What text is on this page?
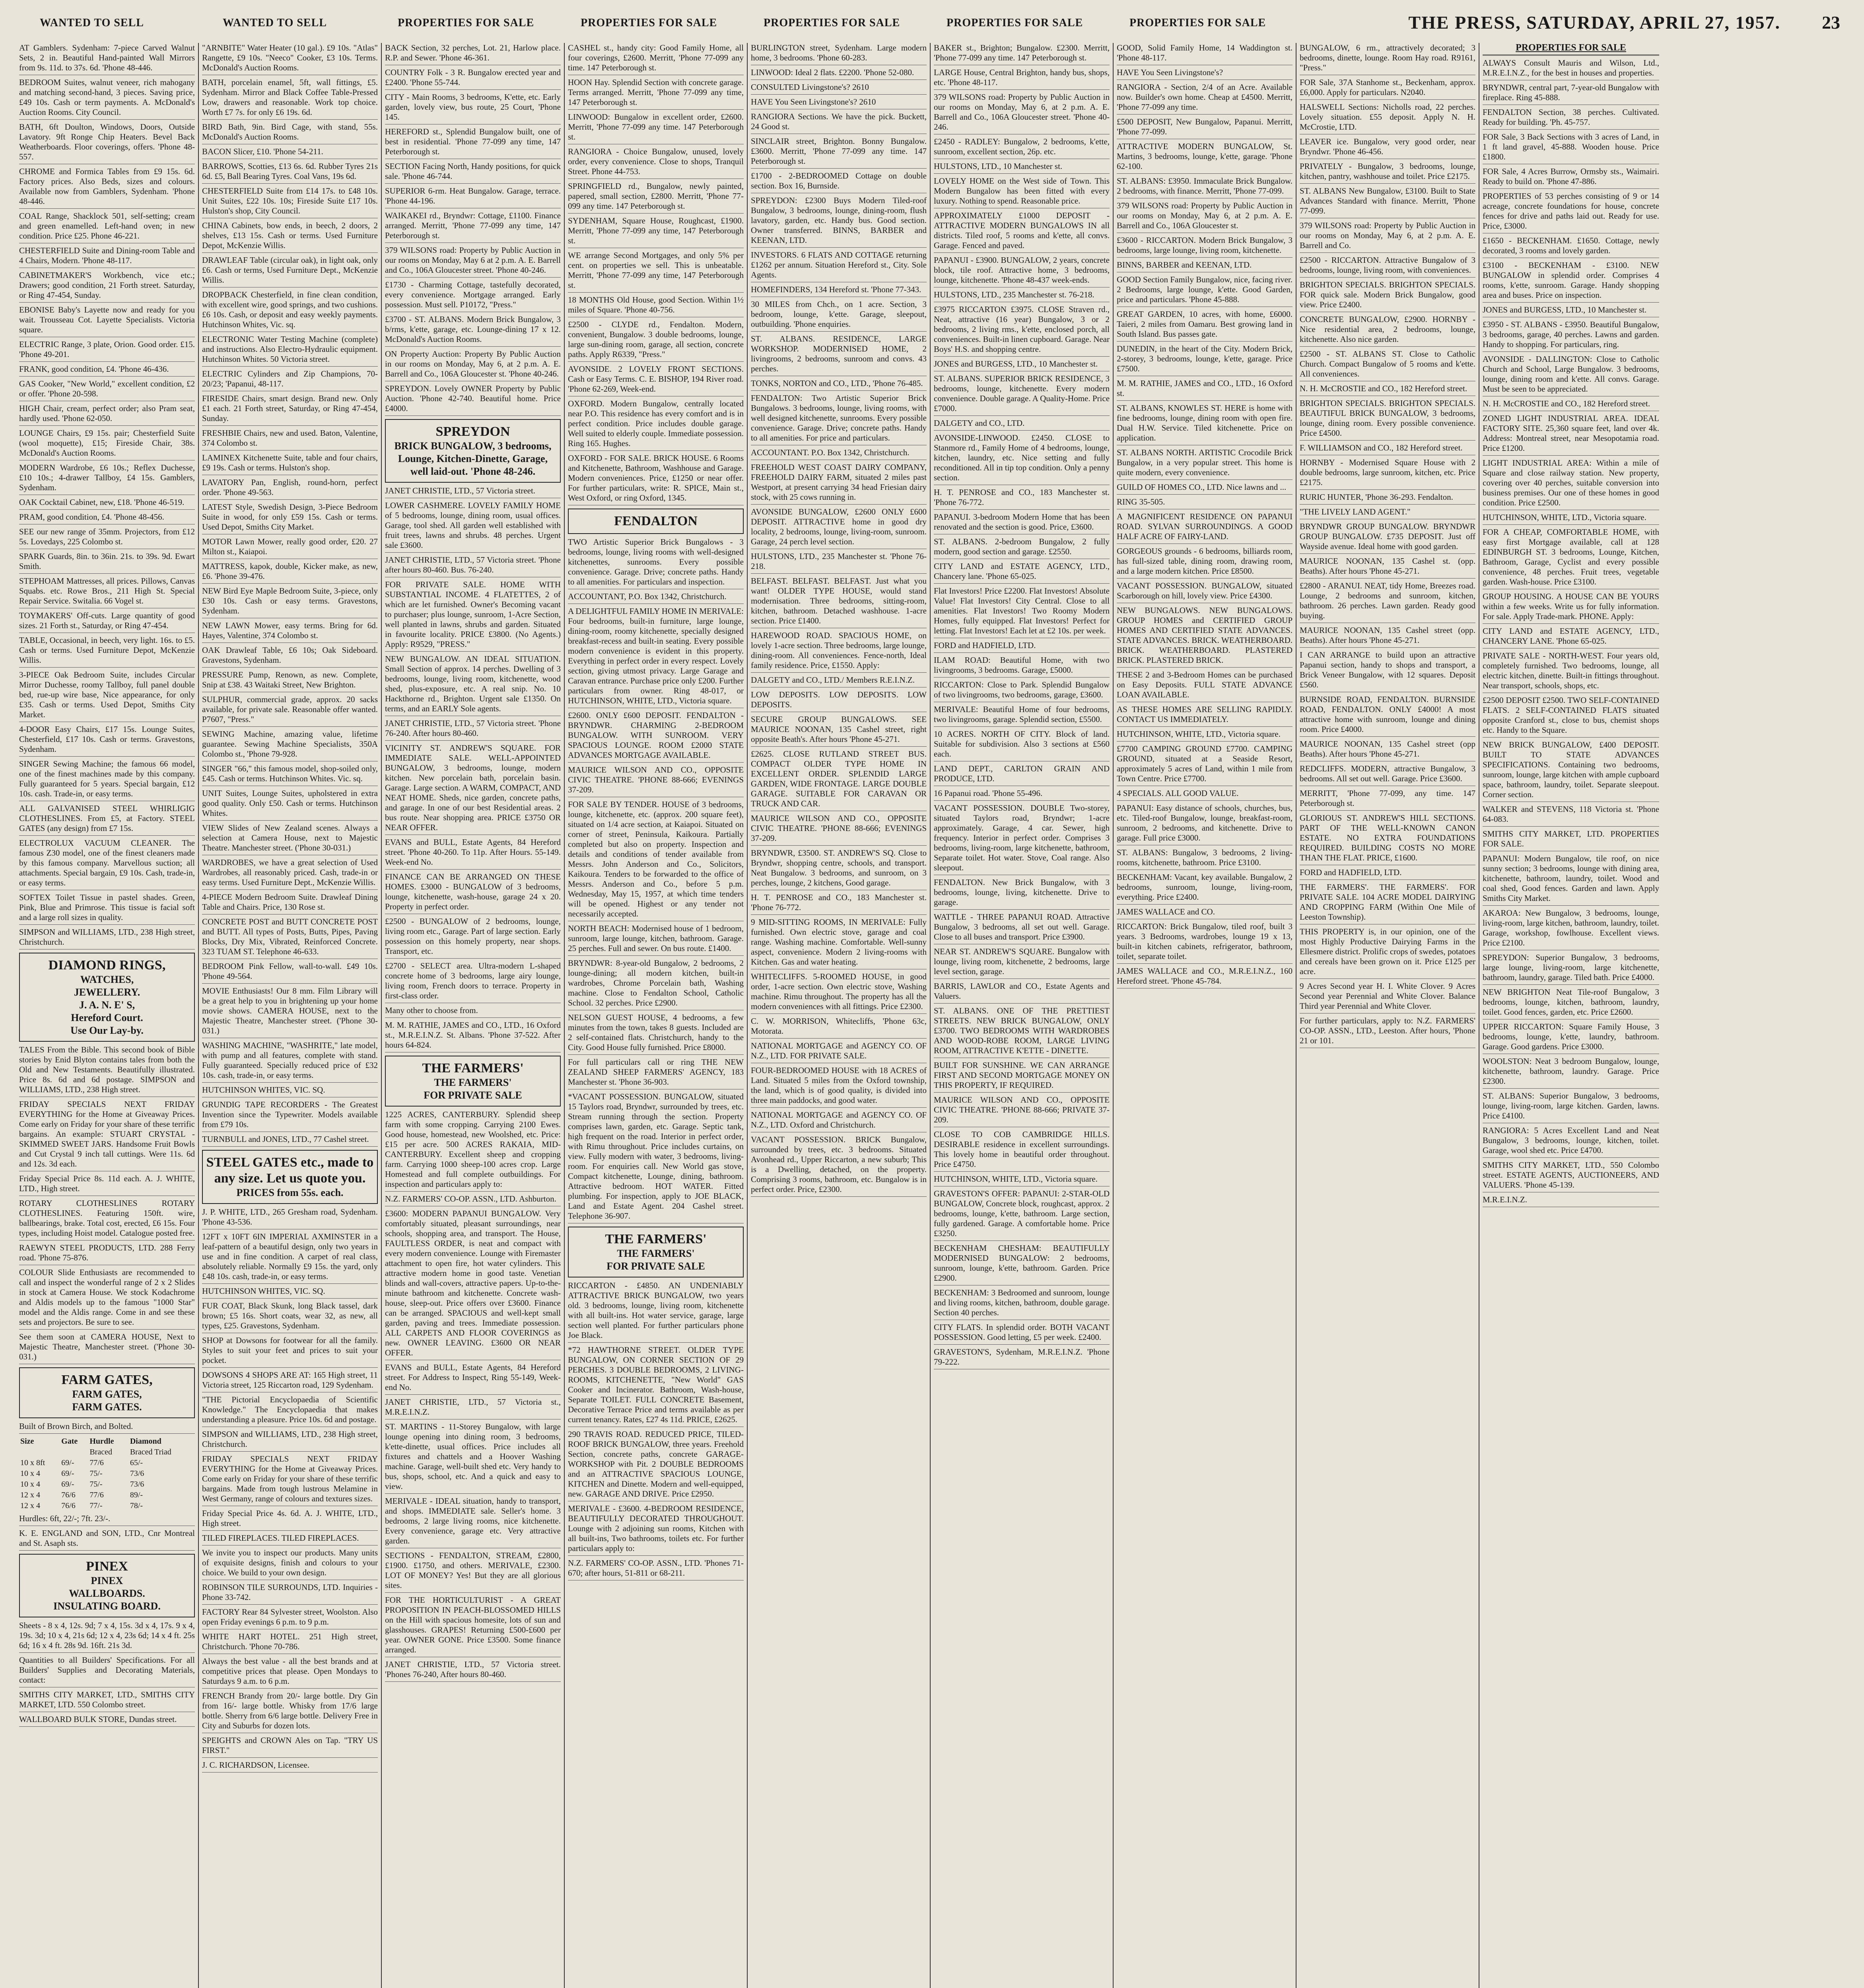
WANTED TO SELL	WANTED TO SELL	PROPERTIES FOR SALE	PROPERTIES FOR SALE	PROPERTIES FOR SALE	PROPERTIES FOR SALE	PROPERTIES FOR SALE	THE PRESS, SATURDAY, APRIL 27, 1957. 23

AT Gamblers. Sydenham: 7-piece Carved Walnut Sets, 2 in. Beautiful Hand-painted Wall Mirrors from 9s. 11d. to 37s. 6d. 'Phone 48-446.

BEDROOM Suites, walnut veneer, rich mahogany and matching second-hand, 3 pieces. Saving price, £49 10s. Cash or term payments. A. McDonald's Auction Rooms. City Council.

BATH, 6ft Doulton, Windows, Doors, Outside Lavatory. 9ft Ronge Chip Heaters. Bevel Back Weatherboards. Floor coverings, offers. 'Phone 48-557.

CHROME and Formica Tables from £9 15s. 6d. Factory prices. Also Beds, sizes and colours. Available now from Gamblers, Sydenham. 'Phone 48-446.

COAL Range, Shacklock 501, self-setting; cream and green enamelled. Left-hand oven; in new condition. Price £25. Phone 46-221.

CHESTERFIELD Suite and Dining-room Table and 4 Chairs, Modern. 'Phone 48-117.

CABINETMAKER'S Workbench, vice etc.; Drawers; good condition, 21 Forth street. Saturday, or Ring 47-454, Sunday.

EBONISE Baby's Layette now and ready for you wait. Trousseau Cot. Layette Specialists. Victoria square.

ELECTRIC Range, 3 plate, Orion. Good order. £15. 'Phone 49-201.

FRANK, good condition, £4. 'Phone 46-436.

GAS Cooker, "New World," excellent condition, £2 or offer. 'Phone 20-598.

HIGH Chair, cream, perfect order; also Pram seat, hardly used. 'Phone 62-050.

LOUNGE Chairs, £9 15s. pair; Chesterfield Suite (wool moquette), £15; Fireside Chair, 38s. McDonald's Auction Rooms.

MODERN Wardrobe, £6 10s.; Reflex Duchesse, £10 10s.; 4-drawer Tallboy, £4 15s. Gamblers, Sydenham.

OAK Cocktail Cabinet, new, £18. 'Phone 46-519.

PRAM, good condition, £4. 'Phone 48-456.

SEE our new range of 35mm. Projectors, from £12 5s. Lovedays, 225 Colombo st.

SPARK Guards, 8in. to 36in. 21s. to 39s. 9d. Ewart Smith.

STEPHOAM Mattresses, all prices. Pillows, Canvas Squabs. etc. Rowe Bros., 211 High St. Special Repair Service. Switalia. 66 Vogel st.

TOYMAKERS' Off-cuts. Large quantity of good sizes. 21 Forth st., Saturday, or Ring 47-454.

TABLE, Occasional, in beech, very light. 16s. to £5. Cash or terms. Used Furniture Depot, McKenzie Willis.

3-PIECE Oak Bedroom Suite, includes Circular Mirror Duchesse, roomy Tallboy, full panel double bed, rue-up wire base, Nice appearance, for only £35. Cash or terms. Used Depot, Smiths City Market.

4-DOOR Easy Chairs, £17 15s. Lounge Suites, Chesterfield, £17 10s. Cash or terms. Gravestons, Sydenham.

SINGER Sewing Machine; the famous 66 model, one of the finest machines made by this company. Fully guaranteed for 5 years. Special bargain, £12 10s. cash. Trade-in, or easy terms.

ALL GALVANISED STEEL WHIRLIGIG CLOTHESLINES. From £5, at Factory. STEEL GATES (any design) from £7 15s.

ELECTROLUX VACUUM CLEANER. The famous Z30 model, one of the finest cleaners made by this famous company. Marvellous suction; all attachments. Special bargain, £9 10s. Cash, trade-in, or easy terms.

SOFTEX Toilet Tissue in pastel shades. Green, Pink, Blue and Primrose. This tissue is facial soft and a large roll sizes in quality.

SIMPSON and WILLIAMS, LTD., 238 High street, Christchurch.

DIAMOND RINGS,
WATCHES,
JEWELLERY.
J. A. N. E' S,
Hereford Court.
Use Our Lay-by.

TALES From the Bible. This second book of Bible stories by Enid Blyton contains tales from both the Old and New Testaments. Beautifully illustrated. Price 8s. 6d and 6d postage. SIMPSON and WILLIAMS, LTD., 238 High street.

FRIDAY SPECIALS NEXT FRIDAY EVERYTHING for the Home at Giveaway Prices. Come early on Friday for your share of these terrific bargains. An example: STUART CRYSTAL - SKIMMED SWEET JARS. Handsome Fruit Bowls and Cut Crystal 9 inch tall cuttings. Were 11s. 6d and 12s. 3d each.

Friday Special Price 8s. 11d each. A. J. WHITE, LTD., High street.

ROTARY CLOTHESLINES ROTARY CLOTHESLINES. Featuring 150ft. wire, ballbearings, brake. Total cost, erected, £6 15s. Four types, including Hoist model. Catalogue posted free.

RAEWYN STEEL PRODUCTS, LTD. 288 Ferry road. 'Phone 75-876.

COLOUR Slide Enthusiasts are recommended to call and inspect the wonderful range of 2 x 2 Slides in stock at Camera House. We stock Kodachrome and Aldis models up to the famous "1000 Star" model and the Aldis range. Come in and see these sets and projectors. Be sure to see.

See them soon at CAMERA HOUSE, Next to Majestic Theatre, Manchester street. ('Phone 30-031.)

FARM GATES,
FARM GATES,
FARM GATES.

Built of Brown Birch, and Bolted.

Size	Gate	Hurdle	Diamond
		Braced	Braced Triad
10 x 8ft	69/-	77/6	65/-
10 x 4	69/-	75/-	73/6
10 x 4	69/-	75/-	73/6
12 x 4	76/6	77/6	89/-
12 x 4	76/6	77/-	78/-

Hurdles: 6ft, 22/-; 7ft. 23/-.

K. E. ENGLAND and SON, LTD., Cnr Montreal and St. Asaph sts.

PINEX
PINEX
WALLBOARDS.
INSULATING BOARD.

Sheets - 8 x 4, 12s. 9d; 7 x 4, 15s. 3d x 4, 17s. 9 x 4, 19s. 3d; 10 x 4, 21s 6d; 12 x 4, 23s 6d; 14 x 4 ft. 25s 6d; 16 x 4 ft. 28s 9d. 16ft. 21s 3d.

Quantities to all Builders' Specifications. For all Builders' Supplies and Decorating Materials, contact:

SMITHS CITY MARKET, LTD., SMITHS CITY MARKET, LTD. 550 Colombo street.

WALLBOARD BULK STORE, Dundas street.

"ARNBITE" Water Heater (10 gal.). £9 10s. "Atlas" Rangette, £9 10s. "Neeco" Cooker, £3 10s. Terms. McDonald's Auction Rooms.

BATH, porcelain enamel, 5ft, wall fittings, £5. Sydenham. Mirror and Black Coffee Table-Pressed Low, drawers and reasonable. Work top choice. Worth £7 7s. for only £6 19s. 6d.

BIRD Bath, 9in. Bird Cage, with stand, 55s. McDonald's Auction Rooms.

BACON Slicer, £10. 'Phone 54-211.

BARROWS, Scotties, £13 6s. 6d. Rubber Tyres 21s 6d. £5, Ball Bearing Tyres. Coal Vans, 19s 6d.

CHESTERFIELD Suite from £14 17s. to £48 10s. Unit Suites, £22 10s. 10s; Fireside Suite £17 10s. Hulston's shop, City Council.

CHINA Cabinets, bow ends, in beech, 2 doors, 2 shelves, £13 15s. Cash or terms. Used Furniture Depot, McKenzie Willis.

DRAWLEAF Table (circular oak), in light oak, only £6. Cash or terms, Used Furniture Dept., McKenzie Willis.

DROPBACK Chesterfield, in fine clean condition, with excellent wire, good springs, and two cushions. £6 10s. Cash, or deposit and easy weekly payments. Hutchinson Whites, Vic. sq.

ELECTRONIC Water Testing Machine (complete) and instructions. Also Electro-Hydraulic equipment. Hutchinson Whites. 50 Victoria street.

ELECTRIC Cylinders and Zip Champions, 70-20/23; 'Papanui, 48-117.

FIRESIDE Chairs, smart design. Brand new. Only £1 each. 21 Forth street, Saturday, or Ring 47-454, Sunday.

FRESHBIE Chairs, new and used. Baton, Valentine, 374 Colombo st.

LAMINEX Kitchenette Suite, table and four chairs, £9 19s. Cash or terms. Hulston's shop.

LAVATORY Pan, English, round-horn, perfect order. 'Phone 49-563.

LATEST Style, Swedish Design, 3-Piece Bedroom Suite in wood, for only £59 15s. Cash or terms. Used Depot, Smiths City Market.

MOTOR Lawn Mower, really good order, £20. 27 Milton st., Kaiapoi.

MATTRESS, kapok, double, Kicker make, as new, £6. 'Phone 39-476.

NEW Bird Eye Maple Bedroom Suite, 3-piece, only £30 10s. Cash or easy terms. Gravestons, Sydenham.

NEW LAWN Mower, easy terms. Bring for 6d. Hayes, Valentine, 374 Colombo st.

OAK Drawleaf Table, £6 10s; Oak Sideboard. Gravestons, Sydenham.

PRESSURE Pump, Renown, as new. Complete, Snip at £38. 43 Waitaki Street, New Brighton.

SULPHUR, commercial grade, approx. 20 sacks available, for private sale. Reasonable offer wanted. P7607, "Press."

SEWING Machine, amazing value, lifetime guarantee. Sewing Machine Specialists, 350A Colombo st., 'Phone 79-928.

SINGER "66," this famous model, shop-soiled only, £45. Cash or terms. Hutchinson Whites. Vic. sq.

UNIT Suites, Lounge Suites, upholstered in extra good quality. Only £50. Cash or terms. Hutchinson Whites.

VIEW Slides of New Zealand scenes. Always a selection at Camera House, next to Majestic Theatre. Manchester street. ('Phone 30-031.)

WARDROBES, we have a great selection of Used Wardrobes, all reasonably priced. Cash, trade-in or easy terms. Used Furniture Dept., McKenzie Willis.

4-PIECE Modern Bedroom Suite. Drawleaf Dining Table and Chairs. Price, 130 Rose st.

CONCRETE POST and BUTT CONCRETE POST and BUTT. All types of Posts, Butts, Pipes, Paving Blocks, Dry Mix, Vibrated, Reinforced Concrete. 323 TUAM ST. Telephone 46-633.

BEDROOM Pink Fellow, wall-to-wall. £49 10s. 'Phone 49-564.

MOVIE Enthusiasts! Our 8 mm. Film Library will be a great help to you in brightening up your home movie shows. CAMERA HOUSE, next to the Majestic Theatre, Manchester street. ('Phone 30-031.)

WASHING MACHINE, "WASHRITE," late model, with pump and all features, complete with stand. Fully guaranteed. Specially reduced price of £32 10s. cash, trade-in, or easy terms.

HUTCHINSON WHITES, VIC. SQ.

GRUNDIG TAPE RECORDERS - The Greatest Invention since the Typewriter. Models available from £79 10s.

TURNBULL and JONES, LTD., 77 Cashel street.

STEEL GATES etc., made to any size. Let us quote you.
PRICES from 55s. each.

J. P. WHITE, LTD., 265 Gresham road, Sydenham. 'Phone 43-536.

12FT x 10FT 6IN IMPERIAL AXMINSTER in a leaf-pattern of a beautiful design, only two years in use and in fine condition. A carpet of real class, absolutely reliable. Normally £9 15s. the yard, only £48 10s. cash, trade-in, or easy terms.

HUTCHINSON WHITES, VIC. SQ.

FUR COAT, Black Skunk, long Black tassel, dark brown; £5 16s. Short coats, wear 32, as new, all types, £25. Gravestons, Sydenham.

SHOP at Dowsons for footwear for all the family. Styles to suit your feet and prices to suit your pocket.

DOWSONS 4 SHOPS ARE AT: 165 High street, 11 Victoria street, 125 Riccarton road, 129 Sydenham.

"THE Pictorial Encyclopaedia of Scientific Knowledge." The Encyclopaedia that makes understanding a pleasure. Price 10s. 6d and postage.

SIMPSON and WILLIAMS, LTD., 238 High street, Christchurch.

FRIDAY SPECIALS NEXT FRIDAY EVERYTHING for the Home at Giveaway Prices. Come early on Friday for your share of these terrific bargains. Made from tough lustrous Melamine in West Germany, range of colours and textures sizes.

Friday Special Price 4s. 6d. A. J. WHITE, LTD., High street.

TILED FIREPLACES. TILED FIREPLACES.

We invite you to inspect our products. Many units of exquisite designs, finish and colours to your choice. We build to your own design.

ROBINSON TILE SURROUNDS, LTD. Inquiries - Phone 33-742.

FACTORY Rear 84 Sylvester street, Woolston. Also open Friday evenings 6 p.m. to 9 p.m.

WHITE HART HOTEL. 251 High street, Christchurch. 'Phone 70-786.

Always the best value - all the best brands and at competitive prices that please. Open Mondays to Saturdays 9 a.m. to 6 p.m.

FRENCH Brandy from 20/- large bottle. Dry Gin from 16/- large bottle. Whisky from 17/6 large bottle. Sherry from 6/6 large bottle. Delivery Free in City and Suburbs for dozen lots.

SPEIGHTS and CROWN Ales on Tap. "TRY US FIRST."

J. C. RICHARDSON, Licensee.

BACK Section, 32 perches, Lot. 21, Harlow place. R.P. and Sewer. 'Phone 46-361.

COUNTRY Folk - 3 R. Bungalow erected year and £2400. 'Phone 55-744.

CITY - Main Rooms, 3 bedrooms, K'ette, etc. Early garden, lovely view, bus route, 25 Court, 'Phone 145.

HEREFORD st., Splendid Bungalow built, one of best in residential. 'Phone 77-099 any time, 147 Peterborough st.

SECTION Facing North, Handy positions, for quick sale. 'Phone 46-744.

SUPERIOR 6-rm. Heat Bungalow. Garage, terrace. 'Phone 44-196.

WAIKAKEI rd., Bryndwr: Cottage, £1100. Finance arranged. Merritt, 'Phone 77-099 any time, 147 Peterborough st.

379 WILSONS road: Property by Public Auction in our rooms on Monday, May 6 at 2 p.m. A. E. Barrell and Co., 106A Gloucester street. 'Phone 40-246.

£1730 - Charming Cottage, tastefully decorated, every convenience. Mortgage arranged. Early possession. Must sell. P10172, "Press."

£3700 - ST. ALBANS. Modern Brick Bungalow, 3 b/rms, k'ette, garage, etc. Lounge-dining 17 x 12. McDonald's Auction Rooms.

ON Property Auction: Property By Public Auction in our rooms on Monday, May 6, at 2 p.m. A. E. Barrell and Co., 106A Gloucester st. 'Phone 40-246.

SPREYDON. Lovely OWNER Property by Public Auction. 'Phone 42-740. Beautiful home. Price £4000.

SPREYDON
BRICK BUNGALOW, 3 bedrooms, Lounge, Kitchen-Dinette, Garage, well laid-out. 'Phone 48-246.

JANET CHRISTIE, LTD., 57 Victoria street.

LOWER CASHMERE. LOVELY FAMILY HOME of 5 bedrooms, lounge, dining room, usual offices. Garage, tool shed. All garden well established with fruit trees, lawns and shrubs. 48 perches. Urgent sale £3600.

JANET CHRISTIE, LTD., 57 Victoria street. 'Phone after hours 80-460. Bus. 76-240.

FOR PRIVATE SALE. HOME WITH SUBSTANTIAL INCOME. 4 FLATETTES, 2 of which are let furnished. Owner's Becoming vacant to purchaser; plus lounge, sunroom, 1-Acre Section, well planted in lawns, shrubs and garden. Situated in favourite locality. PRICE £3800. (No Agents.) Apply: R9529, "PRESS."

NEW BUNGALOW. AN IDEAL SITUATION. Small Section of approx. 14 perches. Dwelling of 3 bedrooms, lounge, living room, kitchenette, wood shed, plus-exposure, etc. A real snip. No. 10 Hackthorne rd., Brighton. Urgent sale £1350. On terms, and an EARLY Sole agents.

JANET CHRISTIE, LTD., 57 Victoria street. 'Phone 76-240. After hours 80-460.

VICINITY ST. ANDREW'S SQUARE. FOR IMMEDIATE SALE. WELL-APPOINTED BUNGALOW, 3 bedrooms, lounge, modern kitchen. New porcelain bath, porcelain basin. Garage. Large section. A WARM, COMPACT, AND NEAT HOME. Sheds, nice garden, concrete paths, and garage. In one of our best Residential areas. 2 bus route. Near shopping area. PRICE £3750 OR NEAR OFFER.

EVANS and BULL, Estate Agents, 84 Hereford street. 'Phone 40-260. To 11p. After Hours. 55-149. Week-end No.

FINANCE CAN BE ARRANGED ON THESE HOMES. £3000 - BUNGALOW of 3 bedrooms, lounge, kitchenette, wash-house, garage 24 x 20. Property in perfect order.

£2500 - BUNGALOW of 2 bedrooms, lounge, living room etc., Garage. Part of large section. Early possession on this homely property, near shops. Transport, etc.

£2700 - SELECT area. Ultra-modern L-shaped concrete home of 3 bedrooms, large airy lounge, living room, French doors to terrace. Property in first-class order.

Many other to choose from.

M. M. RATHIE, JAMES and CO., LTD., 16 Oxford st., M.R.E.I.N.Z. St. Albans. 'Phone 37-522. After hours 64-824.

THE FARMERS'
THE FARMERS'
FOR PRIVATE SALE

1225 ACRES, CANTERBURY. Splendid sheep farm with some cropping. Carrying 2100 Ewes. Good house, homestead, new Woolshed, etc. Price: £15 per acre. 500 ACRES RAKAIA, MID-CANTERBURY. Excellent sheep and cropping farm. Carrying 1000 sheep-100 acres crop. Large Homestead and full complete outbuildings. For inspection and particulars apply to:

N.Z. FARMERS' CO-OP. ASSN., LTD. Ashburton.

£3600: MODERN PAPANUI BUNGALOW. Very comfortably situated, pleasant surroundings, near schools, shopping area, and transport. The House, FAULTLESS ORDER, is neat and compact with every modern convenience. Lounge with Firemaster attachment to open fire, hot water cylinders. This attractive modern home in good taste. Venetian blinds and wall-covers, attractive papers. Up-to-the-minute bathroom and kitchenette. Concrete wash-house, sleep-out. Price offers over £3600. Finance can be arranged. SPACIOUS and well-kept small garden, paving and trees. Immediate possession. ALL CARPETS AND FLOOR COVERINGS as new. OWNER LEAVING. £3600 OR NEAR OFFER.

EVANS and BULL, Estate Agents, 84 Hereford street. For Address to Inspect, Ring 55-149, Week-end No.

JANET CHRISTIE, LTD., 57 Victoria st., M.R.E.I.N.Z.

ST. MARTINS - 11-Storey Bungalow, with large lounge opening into dining room, 3 bedrooms, k'ette-dinette, usual offices. Price includes all fixtures and chattels and a Hoover Washing machine. Garage, well-built shed etc. Very handy to bus, shops, school, etc. And a quick and easy to view.

MERIVALE - IDEAL situation, handy to transport, and shops. IMMEDIATE sale. Seller's home. 3 bedrooms, 2 large living rooms, nice kitchenette. Every convenience, garage etc. Very attractive garden.

SECTIONS - FENDALTON, STREAM, £2800, £1900. £1750, and others. MERIVALE, £2300. LOT OF MONEY? Yes! But they are all glorious sites.

FOR THE HORTICULTURIST - A GREAT PROPOSITION IN PEACH-BLOSSOMED HILLS on the Hill with spacious homesite, lots of sun and glasshouses. GRAPES! Returning £500-£600 per year. OWNER GONE. Price £3500. Some finance arranged.

JANET CHRISTIE, LTD., 57 Victoria street. 'Phones 76-240, After hours 80-460.

CASHEL st., handy city: Good Family Home, all four coverings, £2600. Merritt, 'Phone 77-099 any time. 147 Peterborough st.

HOON Hay. Splendid Section with concrete garage. Terms arranged. Merritt, 'Phone 77-099 any time, 147 Peterborough st.

LINWOOD: Bungalow in excellent order, £2600. Merritt, 'Phone 77-099 any time. 147 Peterborough st.

RANGIORA - Choice Bungalow, unused, lovely order, every convenience. Close to shops, Tranquil Street. Phone 44-753.

SPRINGFIELD rd., Bungalow, newly painted, papered, small section, £2800. Merritt, 'Phone 77-099 any time. 147 Peterborough st.

SYDENHAM, Square House, Roughcast, £1900. Merritt, 'Phone 77-099 any time, 147 Peterborough st.

WE arrange Second Mortgages, and only 5% per cent. on properties we sell. This is unbeatable. Merritt, 'Phone 77-099 any time, 147 Peterborough st.

18 MONTHS Old House, good Section. Within 1½ miles of Square. 'Phone 40-756.

£2500 - CLYDE rd., Fendalton. Modern, convenient, Bungalow. 3 double bedrooms, lounge, large sun-dining room, garage, all section, concrete paths. Apply R6339, "Press."

AVONSIDE. 2 LOVELY FRONT SECTIONS. Cash or Easy Terms. C. E. BISHOP, 194 River road. 'Phone 62-269, Week-end.

OXFORD. Modern Bungalow, centrally located near P.O. This residence has every comfort and is in perfect condition. Price includes double garage. Well suited to elderly couple. Immediate possession. Ring 165. Hughes.

OXFORD - FOR SALE. BRICK HOUSE. 6 Rooms and Kitchenette, Bathroom, Washhouse and Garage. Modern conveniences. Price, £1250 or near offer. For further particulars, write: R. SPICE, Main st., West Oxford, or ring Oxford, 1345.

FENDALTON

TWO Artistic Superior Brick Bungalows - 3 bedrooms, lounge, living rooms with well-designed kitchenettes, sunrooms. Every possible convenience. Garage. Drive; concrete paths. Handy to all amenities. For particulars and inspection.

ACCOUNTANT, P.O. Box 1342, Christchurch.

A DELIGHTFUL FAMILY HOME IN MERIVALE: Four bedrooms, built-in furniture, large lounge, dining-room, roomy kitchenette, specially designed breakfast-recess and built-in seating. Every possible modern convenience is evident in this property. Everything in perfect order in every respect. Lovely section, giving utmost privacy. Large Garage and Caravan entrance. Purchase price only £200. Further particulars from owner. Ring 48-017, or HUTCHINSON, WHITE, LTD., Victoria square.

£2600. ONLY £600 DEPOSIT. FENDALTON - BRYNDWR. CHARMING 2-BEDROOM BUNGALOW. WITH SUNROOM. VERY SPACIOUS LOUNGE. ROOM £2000 STATE ADVANCES MORTGAGE AVAILABLE.

MAURICE WILSON AND CO., OPPOSITE CIVIC THEATRE. 'PHONE 88-666; EVENINGS 37-209.

FOR SALE BY TENDER. HOUSE of 3 bedrooms, lounge, kitchenette, etc. (approx. 200 square feet), situated on 1/4 acre section, at Kaiapoi. Situated on corner of street, Peninsula, Kaikoura. Partially completed but also on property. Inspection and details and conditions of tender available from Messrs. John Anderson and Co., Solicitors, Kaikoura. Tenders to be forwarded to the office of Messrs. Anderson and Co., before 5 p.m. Wednesday, May 15, 1957, at which time tenders will be opened. Highest or any tender not necessarily accepted.

NORTH BEACH: Modernised house of 1 bedroom, sunroom, large lounge, kitchen, bathroom. Garage. 25 perches. Full and sewer. On bus route. £1400.

BRYNDWR: 8-year-old Bungalow, 2 bedrooms, 2 lounge-dining; all modern kitchen, built-in wardrobes, Chrome Porcelain bath, Washing machine. Close to Fendalton School, Catholic School. 32 perches. Price £2900.

NELSON GUEST HOUSE, 4 bedrooms, a few minutes from the town, takes 8 guests. Included are 2 self-contained flats. Christchurch, handy to the City. Good House fully furnished. Price £8000.

For full particulars call or ring THE NEW ZEALAND SHEEP FARMERS' AGENCY, 183 Manchester st. 'Phone 36-903.

*VACANT POSSESSION. BUNGALOW, situated 15 Taylors road, Bryndwr, surrounded by trees, etc. Stream running through the section. Property comprises lawn, garden, etc. Garage. Septic tank, high frequent on the road. Interior in perfect order, with Rimu throughout. Price includes curtains, on view. Fully modern with water, 3 bedrooms, living-room. For enquiries call. New World gas stove, Compact kitchenette, Lounge, dining, bathroom. Attractive bedroom. HOT WATER. Fitted plumbing. For inspection, apply to JOE BLACK, Land and Estate Agent. 204 Cashel street. Telephone 36-907.

THE FARMERS'
THE FARMERS'
FOR PRIVATE SALE

RICCARTON - £4850. AN UNDENIABLY ATTRACTIVE BRICK BUNGALOW, two years old. 3 bedrooms, lounge, living room, kitchenette with all built-ins. Hot water service, garage, large section well planted. For further particulars phone Joe Black.

*72 HAWTHORNE STREET. OLDER TYPE BUNGALOW, ON CORNER SECTION OF 29 PERCHES. 3 DOUBLE BEDROOMS, 2 LIVING-ROOMS, KITCHENETTE, "New World" GAS Cooker and Incinerator. Bathroom, Wash-house, Separate TOILET. FULL CONCRETE Basement, Decorative Terrace Price and terms available as per current tenancy. Rates, £27 4s 11d. PRICE, £2625.

290 TRAVIS ROAD. REDUCED PRICE, TILED-ROOF BRICK BUNGALOW, three years. Freehold Section, concrete paths, concrete GARAGE-WORKSHOP with Pit. 2 DOUBLE BEDROOMS and an ATTRACTIVE SPACIOUS LOUNGE, KITCHEN and Dinette. Modern and well-equipped, new. GARAGE AND DRIVE. Price £2950.

MERIVALE - £3600. 4-BEDROOM RESIDENCE, BEAUTIFULLY DECORATED THROUGHOUT. Lounge with 2 adjoining sun rooms, Kitchen with all built-ins, Two bathrooms, toilets etc. For further particulars apply to:

N.Z. FARMERS' CO-OP. ASSN., LTD. 'Phones 71-670; after hours, 51-811 or 68-211.

BURLINGTON street, Sydenham. Large modern home, 3 bedrooms. 'Phone 60-283.

LINWOOD: Ideal 2 flats. £2200. 'Phone 52-080.

CONSULTED Livingstone's? 2610

HAVE You Seen Livingstone's? 2610

RANGIORA Sections. We have the pick. Buckett, 24 Good st.

SINCLAIR street, Brighton. Bonny Bungalow. £3600. Merritt, 'Phone 77-099 any time. 147 Peterborough st.

£1700 - 2-BEDROOMED Cottage on double section. Box 16, Burnside.

SPREYDON: £2300 Buys Modern Tiled-roof Bungalow, 3 bedrooms, lounge, dining-room, flush lavatory, garden, etc. Handy bus. Good section. Owner transferred. BINNS, BARBER and KEENAN, LTD.

INVESTORS. 6 FLATS AND COTTAGE returning £1262 per annum. Situation Hereford st., City. Sole Agents.

HOMEFINDERS, 134 Hereford st. 'Phone 77-343.

30 MILES from Chch., on 1 acre. Section, 3 bedroom, lounge, k'ette. Garage, sleepout, outbuilding. 'Phone enquiries.

ST. ALBANS. RESIDENCE, LARGE WORKSHOP. MODERNISED HOME, 2 livingrooms, 2 bedrooms, sunroom and convs. 43 perches.

TONKS, NORTON and CO., LTD., 'Phone 76-485.

FENDALTON: Two Artistic Superior Brick Bungalows. 3 bedrooms, lounge, living rooms, with well designed kitchenette, sunrooms. Every possible convenience. Garage. Drive; concrete paths. Handy to all amenities. For price and particulars.

ACCOUNTANT. P.O. Box 1342, Christchurch.

FREEHOLD WEST COAST DAIRY COMPANY, FREEHOLD DAIRY FARM, situated 2 miles past Westport, at present carrying 34 head Friesian dairy stock, with 25 cows running in.

AVONSIDE BUNGALOW, £2600 ONLY £600 DEPOSIT. ATTRACTIVE home in good dry locality, 2 bedrooms, lounge, living-room, sunroom. Garage, 24 perch level section.

HULSTONS, LTD., 235 Manchester st. 'Phone 76-218.

BELFAST. BELFAST. BELFAST. Just what you want! OLDER TYPE HOUSE, would stand modernisation. Three bedrooms, sitting-room, kitchen, bathroom. Detached washhouse. 1-acre section. Price £1400.

HAREWOOD ROAD. SPACIOUS HOME, on lovely 1-acre section. Three bedrooms, large lounge, dining-room. All conveniences. Fence-north, Ideal family residence. Price, £1550. Apply:

DALGETY and CO., LTD./ Members R.E.I.N.Z.

LOW DEPOSITS. LOW DEPOSITS. LOW DEPOSITS.

SECURE GROUP BUNGALOWS. SEE MAURICE NOONAN, 135 Cashel street, right opposite Beath's. After hours 'Phone 45-271.

£2625. CLOSE RUTLAND STREET BUS. COMPACT OLDER TYPE HOME IN EXCELLENT ORDER. SPLENDID LARGE GARDEN, WIDE FRONTAGE. LARGE DOUBLE GARAGE. SUITABLE FOR CARAVAN OR TRUCK AND CAR.

MAURICE WILSON AND CO., OPPOSITE CIVIC THEATRE. 'PHONE 88-666; EVENINGS 37-209.

BRYNDWR, £3500. ST. ANDREW'S SQ. Close to Bryndwr, shopping centre, schools, and transport. Neat Bungalow. 3 bedrooms, and sunroom, on 3 perches, lounge, 2 kitchens, Good garage.

H. T. PENROSE and CO., 183 Manchester st. 'Phone 76-772.

9 MID-SITTING ROOMS, IN MERIVALE: Fully furnished. Own electric stove, garage and coal range. Washing machine. Comfortable. Well-sunny aspect, convenience. Modern 2 living-rooms with Kitchen. Gas and water heating.

WHITECLIFFS. 5-ROOMED HOUSE, in good order, 1-acre section. Own electric stove, Washing machine. Rimu throughout. The property has all the modern conveniences with all fittings. Price £2300.

C. W. MORRISON, Whitecliffs, 'Phone 63c, Motorata.

NATIONAL MORTGAGE and AGENCY CO. OF N.Z., LTD. FOR PRIVATE SALE.

FOUR-BEDROOMED HOUSE with 18 ACRES of Land. Situated 5 miles from the Oxford township, the land, which is of good quality, is divided into three main paddocks, and good water.

NATIONAL MORTGAGE and AGENCY CO. OF N.Z., LTD. Oxford and Christchurch.

VACANT POSSESSION. BRICK Bungalow, surrounded by trees, etc. 3 bedrooms. Situated Avonhead rd., Upper Riccarton, a new suburb; This is a Dwelling, detached, on the property. Comprising 3 rooms, bathroom, etc. Bungalow is in perfect order. Price, £2300.

BAKER st., Brighton; Bungalow. £2300. Merritt, 'Phone 77-099 any time. 147 Peterborough st.

LARGE House, Central Brighton, handy bus, shops, etc. 'Phone 48-117.

379 WILSONS road: Property by Public Auction in our rooms on Monday, May 6, at 2 p.m. A. E. Barrell and Co., 106A Gloucester street. 'Phone 40-246.

£2450 - RADLEY: Bungalow, 2 bedrooms, k'ette, sunroom, excellent section, 26p. etc.

HULSTONS, LTD., 10 Manchester st.

LOVELY HOME on the West side of Town. This Modern Bungalow has been fitted with every luxury. Nothing to spend. Reasonable price.

APPROXIMATELY £1000 DEPOSIT - ATTRACTIVE MODERN BUNGALOWS IN all districts. Tiled roof, 5 rooms and k'ette, all convs. Garage. Fenced and paved.

PAPANUI - £3900. BUNGALOW, 2 years, concrete block, tile roof. Attractive home, 3 bedrooms, lounge, kitchenette. 'Phone 48-437 week-ends.

HULSTONS, LTD., 235 Manchester st. 76-218.

£3975 RICCARTON £3975. CLOSE Straven rd., Neat, attractive (16 year) Bungalow, 3 or 2 bedrooms, 2 living rms., k'ette, enclosed porch, all conveniences. Built-in linen cupboard. Garage. Near Boys' H.S. and shopping centre.

JONES and BURGESS, LTD., 10 Manchester st.

ST. ALBANS. SUPERIOR BRICK RESIDENCE, 3 bedrooms, lounge, kitchenette. Every modern convenience. Double garage. A Quality-Home. Price £7000.

DALGETY and CO., LTD.

AVONSIDE-LINWOOD. £2450. CLOSE to Stanmore rd., Family Home of 4 bedrooms, lounge, kitchen, laundry, etc. Nice setting and fully reconditioned. All in tip top condition. Only a penny section.

H. T. PENROSE and CO., 183 Manchester st. 'Phone 76-772.

PAPANUI. 3-bedroom Modern Home that has been renovated and the section is good. Price, £3600.

ST. ALBANS. 2-bedroom Bungalow, 2 fully modern, good section and garage. £2550.

CITY LAND and ESTATE AGENCY, LTD., Chancery lane. 'Phone 65-025.

Flat Investors! Price £2200. Flat Investors! Absolute Value! Flat Investors! City Central. Close to all amenities. Flat Investors! Two Roomy Modern Homes, fully equipped. Flat Investors! Perfect for letting. Flat Investors! Each let at £2 10s. per week.

FORD and HADFIELD, LTD.

ILAM ROAD: Beautiful Home, with two livingrooms, 3 bedrooms. Garage, £5000.

RICCARTON: Close to Park. Splendid Bungalow of two livingrooms, two bedrooms, garage, £3600.

MERIVALE: Beautiful Home of four bedrooms, two livingrooms, garage. Splendid section, £5500.

10 ACRES. NORTH OF CITY. Block of land. Suitable for subdivision. Also 3 sections at £560 each.

LAND DEPT., CARLTON GRAIN AND PRODUCE, LTD.

16 Papanui road. 'Phone 55-496.

VACANT POSSESSION. DOUBLE Two-storey, situated Taylors road, Bryndwr; 1-acre approximately. Garage, 4 car. Sewer, high frequency. Interior in perfect order. Comprises 3 bedrooms, living-room, large kitchenette, bathroom, Separate toilet. Hot water. Stove, Coal range. Also sleepout.

FENDALTON. New Brick Bungalow, with 3 bedrooms, lounge, living, kitchenette. Drive to garage.

WATTLE - THREE PAPANUI ROAD. Attractive Bungalow, 3 bedrooms, all set out well. Garage. Close to all buses and transport. Price £3900.

NEAR ST. ANDREW'S SQUARE. Bungalow with lounge, living room, kitchenette, 2 bedrooms, large level section, garage.

BARRIS, LAWLOR and CO., Estate Agents and Valuers.

ST. ALBANS. ONE OF THE PRETTIEST STREETS. NEW BRICK BUNGALOW, ONLY £3700. TWO BEDROOMS WITH WARDROBES AND WOOD-ROBE ROOM, LARGE LIVING ROOM, ATTRACTIVE K'ETTE - DINETTE.

BUILT FOR SUNSHINE. WE CAN ARRANGE FIRST AND SECOND MORTGAGE MONEY ON THIS PROPERTY, IF REQUIRED.

MAURICE WILSON AND CO., OPPOSITE CIVIC THEATRE. 'PHONE 88-666; PRIVATE 37-209.

CLOSE TO COB CAMBRIDGE HILLS. DESIRABLE residence in excellent surroundings. This lovely home in beautiful order throughout. Price £4750.

HUTCHINSON, WHITE, LTD., Victoria square.

GRAVESTON'S OFFER: PAPANUI: 2-STAR-OLD BUNGALOW, Concrete block, roughcast, approx. 2 bedrooms, lounge, k'ette, bathroom. Large section, fully gardened. Garage. A comfortable home. Price £3250.

BECKENHAM CHESHAM: BEAUTIFULLY MODERNISED BUNGALOW: 2 bedrooms, sunroom, lounge, k'ette, bathroom. Garden. Price £2900.

BECKENHAM: 3 Bedroomed and sunroom, lounge and living rooms, kitchen, bathroom, double garage. Section 40 perches.

CITY FLATS. In splendid order. BOTH VACANT POSSESSION. Good letting, £5 per week. £2400.

GRAVESTON'S, Sydenham, M.R.E.I.N.Z. 'Phone 79-222.

GOOD, Solid Family Home, 14 Waddington st. 'Phone 48-117.

HAVE You Seen Livingstone's?

RANGIORA - Section, 2/4 of an Acre. Available now. Builder's own home. Cheap at £4500. Merritt, 'Phone 77-099 any time.

£500 DEPOSIT, New Bungalow, Papanui. Merritt, 'Phone 77-099.

ATTRACTIVE MODERN BUNGALOW, St. Martins, 3 bedrooms, lounge, k'ette, garage. 'Phone 62-100.

ST. ALBANS: £3950. Immaculate Brick Bungalow. 2 bedrooms, with finance. Merritt, 'Phone 77-099.

379 WILSONS road: Property by Public Auction in our rooms on Monday, May 6, at 2 p.m. A. E. Barrell and Co., 106A Gloucester st.

£3600 - RICCARTON. Modern Brick Bungalow, 3 bedrooms, large lounge, living room, kitchenette.

BINNS, BARBER and KEENAN, LTD.

GOOD Section Family Bungalow, nice, facing river. 2 Bedrooms, large lounge, k'ette. Good Garden, price and particulars. 'Phone 45-888.

GREAT GARDEN, 10 acres, with home, £6000. Taieri, 2 miles from Oamaru. Best growing land in South Island. Bus passes gate.

DUNEDIN, in the heart of the City. Modern Brick, 2-storey, 3 bedrooms, lounge, k'ette, garage. Price £7500.

M. M. RATHIE, JAMES and CO., LTD., 16 Oxford st.

ST. ALBANS, KNOWLES ST. HERE is home with fine bedrooms, lounge, dining room with open fire. Dual H.W. Service. Tiled kitchenette. Price on application.

ST. ALBANS NORTH. ARTISTIC Crocodile Brick Bungalow, in a very popular street. This home is quite modern, every convenience.

GUILD OF HOMES CO., LTD. Nice lawns and ...

RING 35-505.

A MAGNIFICENT RESIDENCE ON PAPANUI ROAD. SYLVAN SURROUNDINGS. A GOOD HALF ACRE OF FAIRY-LAND.

GORGEOUS grounds - 6 bedrooms, billiards room, has full-sized table, dining room, drawing room, and a large modern kitchen. Price £8500.

VACANT POSSESSION. BUNGALOW, situated Scarborough on hill, lovely view. Price £4300.

NEW BUNGALOWS. NEW BUNGALOWS. GROUP HOMES and CERTIFIED GROUP HOMES AND CERTIFIED STATE ADVANCES. STATE ADVANCES. BRICK. WEATHERBOARD. BRICK. WEATHERBOARD. PLASTERED BRICK. PLASTERED BRICK.

THESE 2 and 3-Bedroom Homes can be purchased on Easy Deposits. FULL STATE ADVANCE LOAN AVAILABLE.

AS THESE HOMES ARE SELLING RAPIDLY. CONTACT US IMMEDIATELY.

HUTCHINSON, WHITE, LTD., Victoria square.

£7700 CAMPING GROUND £7700. CAMPING GROUND, situated at a Seaside Resort, approximately 5 acres of Land, within 1 mile from Town Centre. Price £7700.

4 SPECIALS. ALL GOOD VALUE.

PAPANUI: Easy distance of schools, churches, bus, etc. Tiled-roof Bungalow, lounge, breakfast-room, sunroom, 2 bedrooms, and kitchenette. Drive to garage. Full price £3000.

ST. ALBANS: Bungalow, 3 bedrooms, 2 living-rooms, kitchenette, bathroom. Price £3100.

BECKENHAM: Vacant, key available. Bungalow, 2 bedrooms, sunroom, lounge, living-room, everything. Price £2400.

JAMES WALLACE and CO.

RICCARTON: Brick Bungalow, tiled roof, built 3 years. 3 Bedrooms, wardrobes, lounge 19 x 13, built-in kitchen cabinets, refrigerator, bathroom, toilet, separate toilet.

JAMES WALLACE and CO., M.R.E.I.N.Z., 160 Hereford street. 'Phone 45-784.

BUNGALOW, 6 rm., attractively decorated; 3 bedrooms, dinette, lounge. Room Hay road. R9161, "Press."

FOR Sale, 37A Stanhome st., Beckenham, approx. £6,000. Apply for particulars. N2040.

HALSWELL Sections: Nicholls road, 22 perches. Lovely situation. £55 deposit. Apply N. H. McCrostie, LTD.

LEAVER ice. Bungalow, very good order, near Bryndwr. 'Phone 46-456.

PRIVATELY - Bungalow, 3 bedrooms, lounge, kitchen, pantry, washhouse and toilet. Price £2175.

ST. ALBANS New Bungalow, £3100. Built to State Advances Standard with finance. Merritt, 'Phone 77-099.

379 WILSONS road: Property by Public Auction in our rooms on Monday, May 6, at 2 p.m. A. E. Barrell and Co.

£2500 - RICCARTON. Attractive Bungalow of 3 bedrooms, lounge, living room, with conveniences.

BRIGHTON SPECIALS. BRIGHTON SPECIALS. FOR quick sale. Modern Brick Bungalow, good view. Price £2400.

CONCRETE BUNGALOW, £2900. HORNBY - Nice residential area, 2 bedrooms, lounge, kitchenette. Also nice garden.

£2500 - ST. ALBANS ST. Close to Catholic Church. Compact Bungalow of 5 rooms and k'ette. All conveniences.

N. H. McCROSTIE and CO., 182 Hereford street.

BRIGHTON SPECIALS. BRIGHTON SPECIALS. BEAUTIFUL BRICK BUNGALOW, 3 bedrooms, lounge, dining room. Every possible convenience. Price £4500.

F. WILLIAMSON and CO., 182 Hereford street.

HORNBY - Modernised Square House with 2 double bedrooms, large sunroom, kitchen, etc. Price £2175.

RURIC HUNTER, 'Phone 36-293. Fendalton.

"THE LIVELY LAND AGENT."

BRYNDWR GROUP BUNGALOW. BRYNDWR GROUP BUNGALOW. £735 DEPOSIT. Just off Wayside avenue. Ideal home with good garden.

MAURICE NOONAN, 135 Cashel st. (opp. Beaths). After hours 'Phone 45-271.

£2800 - ARANUI. NEAT, tidy Home, Breezes road. Lounge, 2 bedrooms and sunroom, kitchen, bathroom. 26 perches. Lawn garden. Ready good buying.

MAURICE NOONAN, 135 Cashel street (opp. Beaths). After hours 'Phone 45-271.

I CAN ARRANGE to build upon an attractive Papanui section, handy to shops and transport, a Brick Veneer Bungalow, with 12 squares. Deposit £560.

BURNSIDE ROAD, FENDALTON. BURNSIDE ROAD, FENDALTON. ONLY £4000! A most attractive home with sunroom, lounge and dining room. Price £4000.

MAURICE NOONAN, 135 Cashel street (opp Beaths). After hours 'Phone 45-271.

REDCLIFFS. MODERN, attractive Bungalow, 3 bedrooms. All set out well. Garage. Price £3600.

MERRITT, 'Phone 77-099, any time. 147 Peterborough st.

GLORIOUS ST. ANDREW'S HILL SECTIONS. PART OF THE WELL-KNOWN CANON ESTATE. NO EXTRA FOUNDATIONS REQUIRED. BUILDING COSTS NO MORE THAN THE FLAT. PRICE, £1600.

FORD and HADFIELD, LTD.

THE FARMERS'. THE FARMERS'. FOR PRIVATE SALE. 104 ACRE MODEL DAIRYING AND CROPPING FARM (Within One Mile of Leeston Township).

THIS PROPERTY is, in our opinion, one of the most Highly Productive Dairying Farms in the Ellesmere district. Prolific crops of swedes, potatoes and cereals have been grown on it. Price £125 per acre.

9 Acres Second year H. I. White Clover. 9 Acres Second year Perennial and White Clover. Balance Third year Perennial and White Clover.

For further particulars, apply to: N.Z. FARMERS' CO-OP. ASSN., LTD., Leeston. After hours, 'Phone 21 or 101.

PROPERTIES FOR SALE

ALWAYS Consult Mauris and Wilson, Ltd., M.R.E.I.N.Z., for the best in houses and properties.

BRYNDWR, central part, 7-year-old Bungalow with fireplace. Ring 45-888.

FENDALTON Section, 38 perches. Cultivated. Ready for building. 'Ph. 45-757.

FOR Sale, 3 Back Sections with 3 acres of Land, in 1 ft land gravel, 45-888. Wooden house. Price £1800.

FOR Sale, 4 Acres Burrow, Ormsby sts., Waimairi. Ready to build on. 'Phone 47-886.

PROPERTIES of 53 perches consisting of 9 or 14 acreage, concrete foundations for house, concrete fences for drive and paths laid out. Ready for use. Price, £3000.

£1650 - BECKENHAM. £1650. Cottage, newly decorated, 3 rooms and lovely garden.

£3100 - BECKENHAM - £3100. NEW BUNGALOW in splendid order. Comprises 4 rooms, k'ette, sunroom. Garage. Handy shopping area and buses. Price on inspection.

JONES and BURGESS, LTD., 10 Manchester st.

£3950 - ST. ALBANS - £3950. Beautiful Bungalow, 3 bedrooms, garage, 40 perches. Lawns and garden. Handy to shopping. For particulars, ring.

AVONSIDE - DALLINGTON: Close to Catholic Church and School, Large Bungalow. 3 bedrooms, lounge, dining room and k'ette. All convs. Garage. Must be seen to be appreciated.

N. H. McCROSTIE and CO., 182 Hereford street.

ZONED LIGHT INDUSTRIAL AREA. IDEAL FACTORY SITE. 25,360 square feet, land over 4k. Address: Montreal street, near Mesopotamia road. Price £1200.

LIGHT INDUSTRIAL AREA: Within a mile of Square and close railway station. New property, covering over 40 perches, suitable conversion into business premises. Our one of these homes in good condition. Price £2500.

HUTCHINSON, WHITE, LTD., Victoria square.

FOR A CHEAP, COMFORTABLE HOME, with easy first Mortgage available, call at 128 EDINBURGH ST. 3 bedrooms, Lounge, Kitchen, Bathroom, Garage, Cyclist and every possible convenience, 48 perches. Fruit trees, vegetable garden. Wash-house. Price £3100.

GROUP HOUSING. A HOUSE CAN BE YOURS within a few weeks. Write us for fully information. For sale. Apply Trade-mark. PHONE. Apply:

CITY LAND and ESTATE AGENCY, LTD., CHANCERY LANE. 'Phone 65-025.

PRIVATE SALE - NORTH-WEST. Four years old, completely furnished. Two bedrooms, lounge, all electric kitchen, dinette. Built-in fittings throughout. Near transport, schools, shops, etc.

£2500 DEPOSIT £2500. TWO SELF-CONTAINED FLATS. 2 SELF-CONTAINED FLATS situated opposite Cranford st., close to bus, chemist shops etc. Handy to the Square.

NEW BRICK BUNGALOW, £400 DEPOSIT. BUILT TO STATE ADVANCES SPECIFICATIONS. Containing two bedrooms, sunroom, lounge, large kitchen with ample cupboard space, bathroom, laundry, toilet. Separate sleepout. Corner section.

WALKER and STEVENS, 118 Victoria st. 'Phone 64-083.

SMITHS CITY MARKET, LTD. PROPERTIES FOR SALE.

PAPANUI: Modern Bungalow, tile roof, on nice sunny section; 3 bedrooms, lounge with dining area, kitchenette, bathroom, laundry, toilet. Wood and coal shed, Good fences. Garden and lawn. Apply Smiths City Market.

AKAROA: New Bungalow, 3 bedrooms, lounge, living-room, large kitchen, bathroom, laundry, toilet. Garage, workshop, fowlhouse. Excellent views. Price £2100.

SPREYDON: Superior Bungalow, 3 bedrooms, large lounge, living-room, large kitchenette, bathroom, laundry, garage. Tiled bath. Price £4000.

NEW BRIGHTON Neat Tile-roof Bungalow, 3 bedrooms, lounge, kitchen, bathroom, laundry, toilet. Good fences, garden, etc. Price £2600.

UPPER RICCARTON: Square Family House, 3 bedrooms, lounge, k'ette, laundry, bathroom. Garage. Good gardens. Price £3000.

WOOLSTON: Neat 3 bedroom Bungalow, lounge, kitchenette, bathroom, laundry. Garage. Price £2300.

ST. ALBANS: Superior Bungalow, 3 bedrooms, lounge, living-room, large kitchen. Garden, lawns. Price £4100.

RANGIORA: 5 Acres Excellent Land and Neat Bungalow, 3 bedrooms, lounge, kitchen, toilet. Garage, wool shed etc. Price £4700.

SMITHS CITY MARKET, LTD., 550 Colombo street. ESTATE AGENTS, AUCTIONEERS, AND VALUERS. 'Phone 45-139.

M.R.E.I.N.Z.
